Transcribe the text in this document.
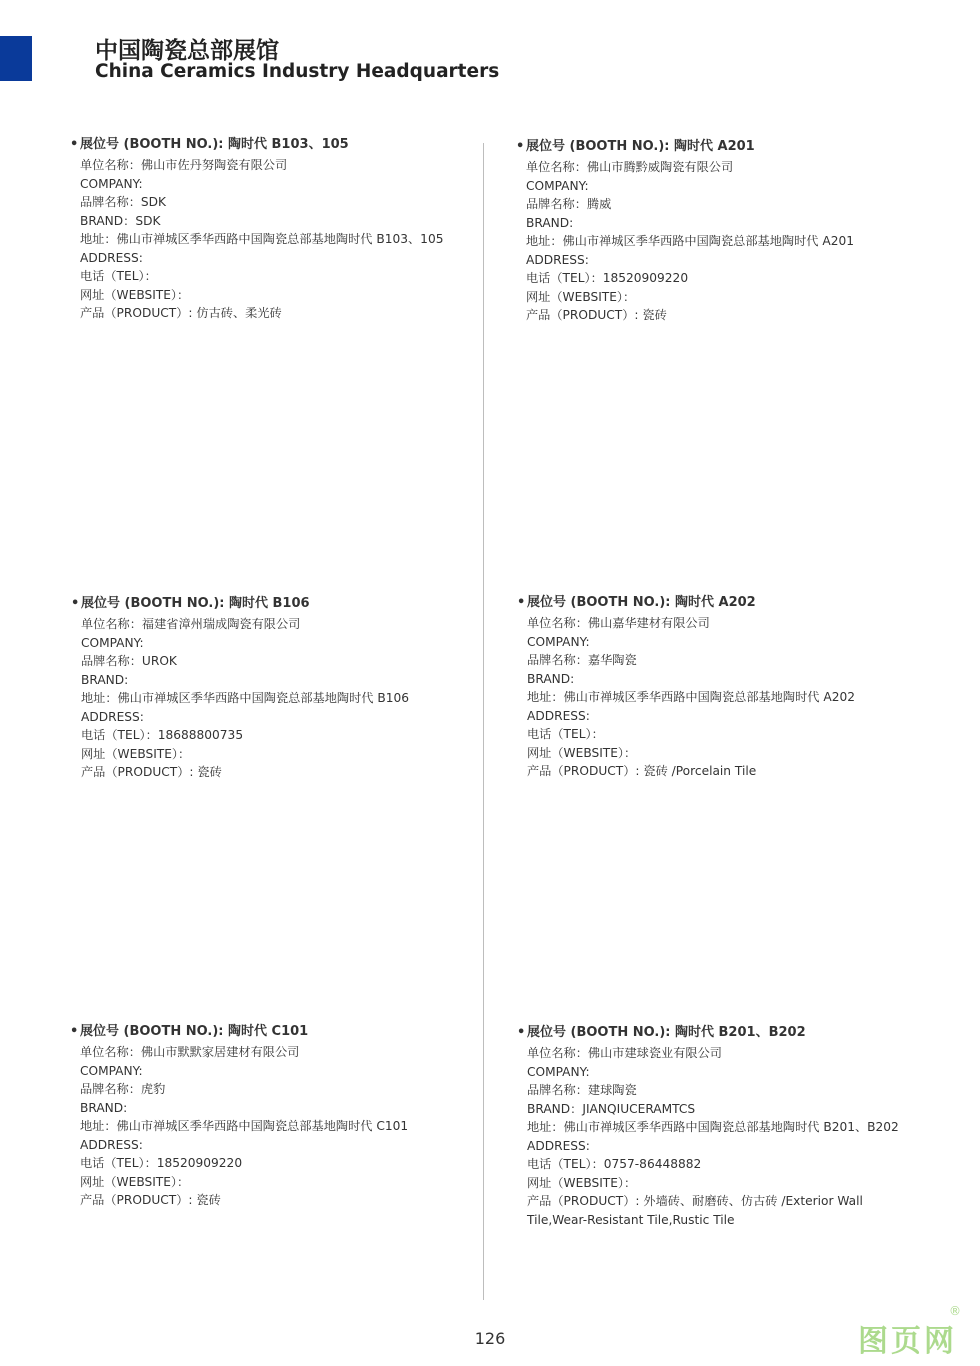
中国陶瓷总部展馆
China Ceramics Industry Headquarters
• 展位号 (BOOTH NO.): 陶时代 B103、105
单位名称：佛山市佐丹努陶瓷有限公司
COMPANY:
品牌名称：SDK
BRAND：SDK
地址：佛山市禅城区季华西路中国陶瓷总部基地陶时代 B103、105
ADDRESS:
电话（TEL）：
网址（WEBSITE）：
产品（PRODUCT）: 仿古砖、柔光砖
• 展位号 (BOOTH NO.): 陶时代 A201
单位名称：佛山市腾黔威陶瓷有限公司
COMPANY:
品牌名称：腾威
BRAND:
地址：佛山市禅城区季华西路中国陶瓷总部基地陶时代 A201
ADDRESS:
电话（TEL）：18520909220
网址（WEBSITE）：
产品（PRODUCT）: 瓷砖
• 展位号 (BOOTH NO.): 陶时代 B106
单位名称：福建省漳州瑞成陶瓷有限公司
COMPANY:
品牌名称：UROK
BRAND:
地址：佛山市禅城区季华西路中国陶瓷总部基地陶时代 B106
ADDRESS:
电话（TEL）：18688800735
网址（WEBSITE）：
产品（PRODUCT）: 瓷砖
• 展位号 (BOOTH NO.): 陶时代 A202
单位名称：佛山嘉华建材有限公司
COMPANY:
品牌名称：嘉华陶瓷
BRAND:
地址：佛山市禅城区季华西路中国陶瓷总部基地陶时代 A202
ADDRESS:
电话（TEL）：
网址（WEBSITE）：
产品（PRODUCT）: 瓷砖 /Porcelain Tile
• 展位号 (BOOTH NO.): 陶时代 C101
单位名称：佛山市默默家居建材有限公司
COMPANY:
品牌名称：虎豹
BRAND:
地址：佛山市禅城区季华西路中国陶瓷总部基地陶时代 C101
ADDRESS:
电话（TEL）：18520909220
网址（WEBSITE）：
产品（PRODUCT）: 瓷砖
• 展位号 (BOOTH NO.): 陶时代 B201、B202
单位名称：佛山市建球瓷业有限公司
COMPANY:
品牌名称：建球陶瓷
BRAND：JIANQIUCERAMTCS
地址：佛山市禅城区季华西路中国陶瓷总部基地陶时代 B201、B202
ADDRESS:
电话（TEL）：0757-86448882
网址（WEBSITE）：
产品（PRODUCT）: 外墙砖、耐磨砖、仿古砖 /Exterior Wall Tile,Wear-Resistant Tile,Rustic Tile
126	图页网
®
